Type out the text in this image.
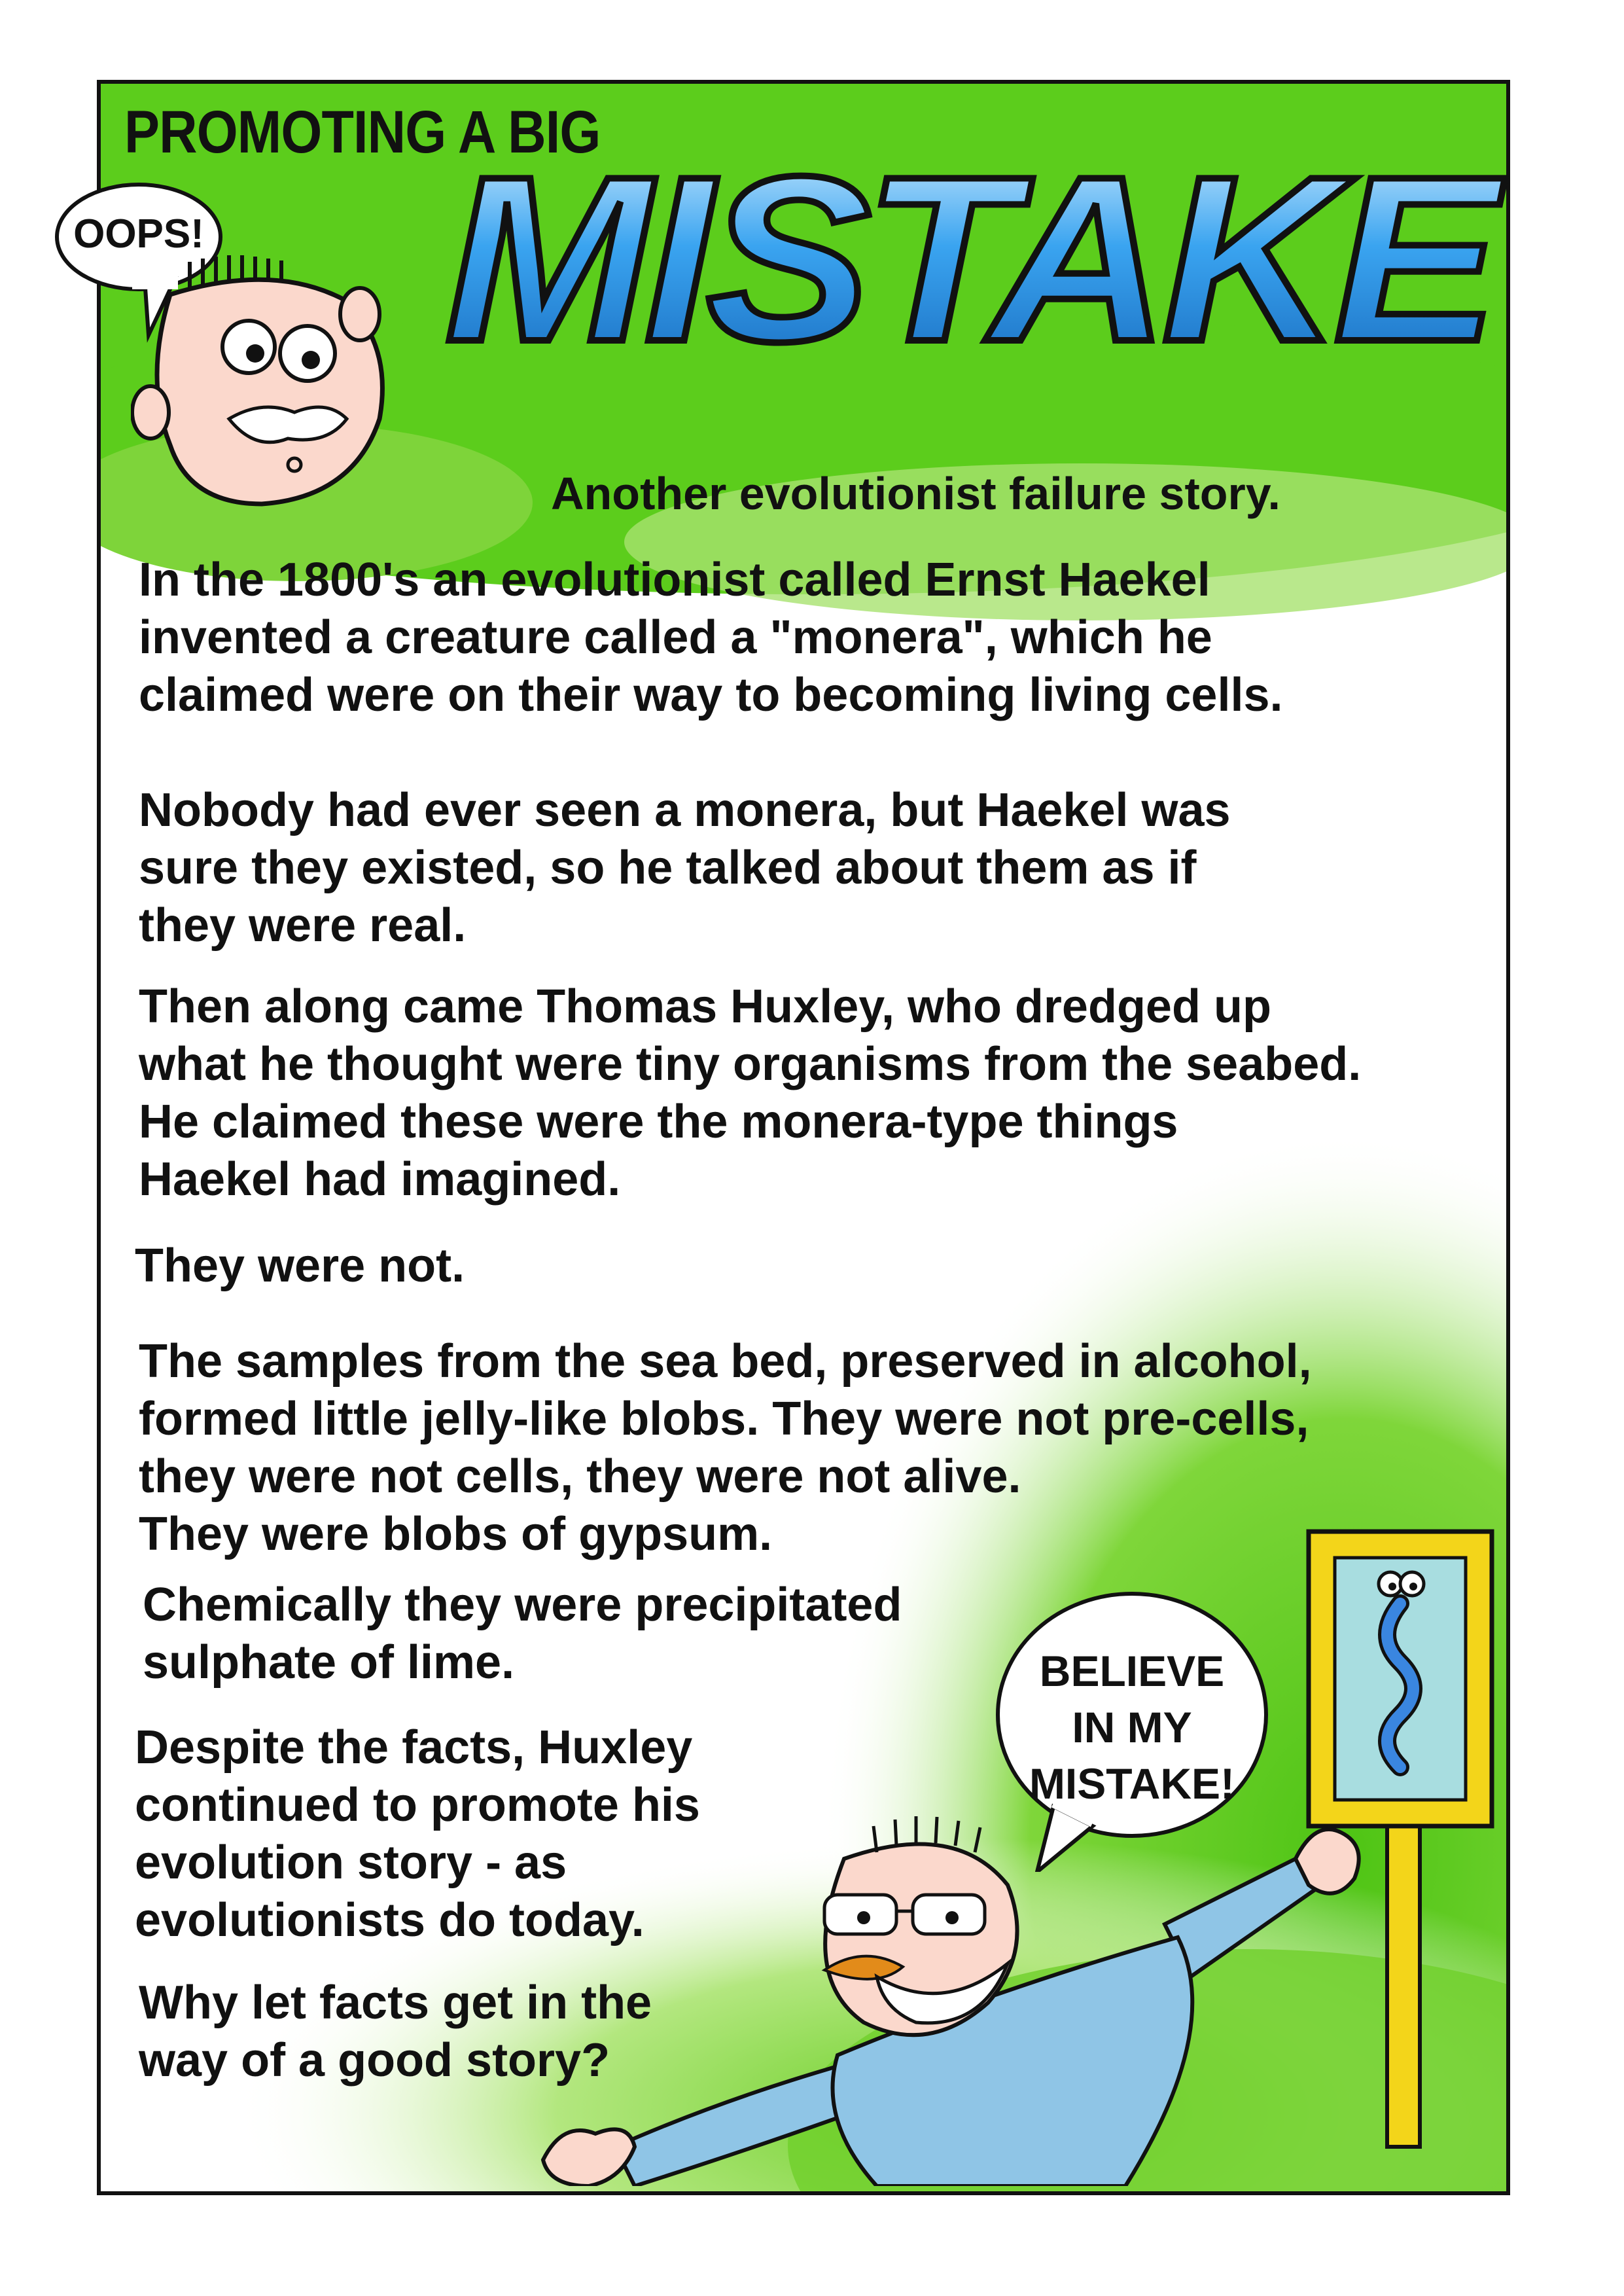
PROMOTING A BIG
MISTAKE
OOPS!
Another evolutionist failure story.
In the 1800's an evolutionist called Ernst Haekel
invented a creature called a "monera", which he
claimed were on their way to becoming living cells.
Nobody had ever seen a monera, but Haekel was
sure they existed, so he talked about them as if
they were real.
Then along came Thomas Huxley, who dredged up
what he thought were tiny organisms from the seabed.
He claimed these were the monera-type things
Haekel had imagined.
They were not.
The samples from the sea bed, preserved in alcohol,
formed little jelly-like blobs. They were not pre-cells,
they were not cells, they were not alive.
They were blobs of gypsum.
Chemically they were precipitated
sulphate of lime.
Despite the facts, Huxley
continued to promote his
evolution story - as
evolutionists do today.
Why let facts get in the
way of a good story?
BELIEVE
IN MY
MISTAKE!
